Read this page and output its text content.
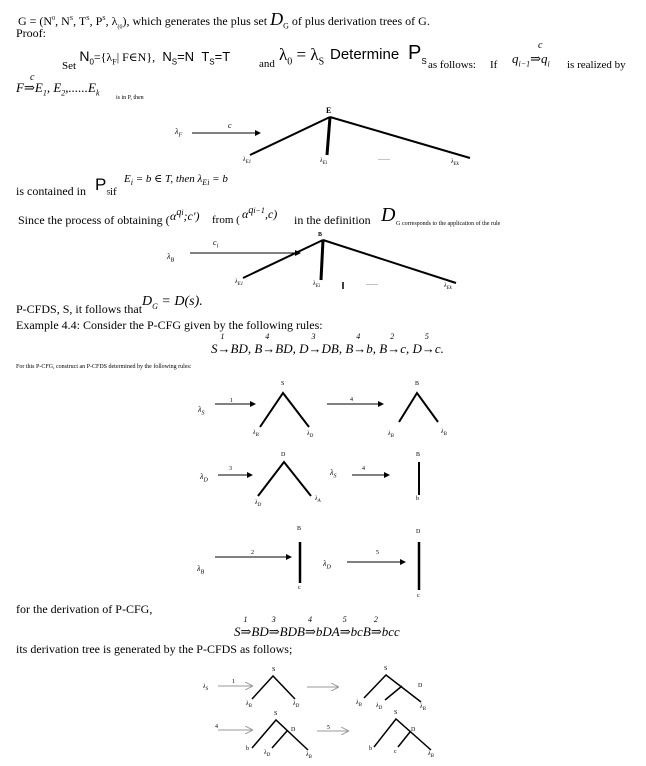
$G = (N^0$, $N^S$, $T^S$, $P^S$, $\lambda_{(0}$), which generates the plus set $D_G$ of plus derivation trees of G.
Proof:
$_{Set}$ $N_0=\{\lambda_F|$ F∈N}, $N_S=N$ $T_S=T$	and $\lambda_0 = \lambda_S$ Determine $P_S$ as follows: If $q_{i-1}\Rightarrow q_i$
c
is realized by
$F\Rightarrow E_1$, $E_2,......E_k$
c
is in P, then
$\lambda_F$
c
E
$\lambda_{E1}$	$\lambda_{Ei}$
......	$\lambda_{Ek}$
is contained in $P_S$ if
$E_i = b$ ∈ T, then $\lambda_{Ei} = b$
Since the process of obtaining ( $\alpha^{qi};c'$) from ( $\alpha^{qi-1},c$) in the definition D G corresponds to the application of the rule
B
$\lambda_B$
$c_i$
$\lambda_{E1}$	$\lambda_{Ei}$	......	$\lambda_{Ek}$
P-CFDS, S, it follows that $D_G = D(s)$.
Example 4.4: Consider the P-CFG given by the following rules:
S
1
→BD, B
4
→BD, D
3
→DB, B
4
→b, B
2
→c, D
5
→c.
For this P-CFG, construct an P-CFDS determined by the following rules:
$\lambda_S$
1
S
$\lambda_B$	$\lambda_D$
4
B
$\lambda_B$
$\lambda_B$
$\lambda_D$
3
D
$\lambda_D$
$\lambda_A$
$\lambda_S$
4
B
b
$\lambda_B$
2
B
c
$\lambda_D$
5
D
c
for the derivation of P-CFG,
S
1
⇒BD
3
⇒BDB
4
⇒bDA
5
⇒bcB
2
⇒bcc
its derivation tree is generated by the P-CFDS as follows;
$\lambda_S$
1
S
$\lambda_B$	$\lambda_D$
S
D
$\lambda_B$ $\lambda_D$	$\lambda_B$
4
S
D
b
$\lambda_D$	$\lambda_B$
5
S
D
b	c	$\lambda_B$
